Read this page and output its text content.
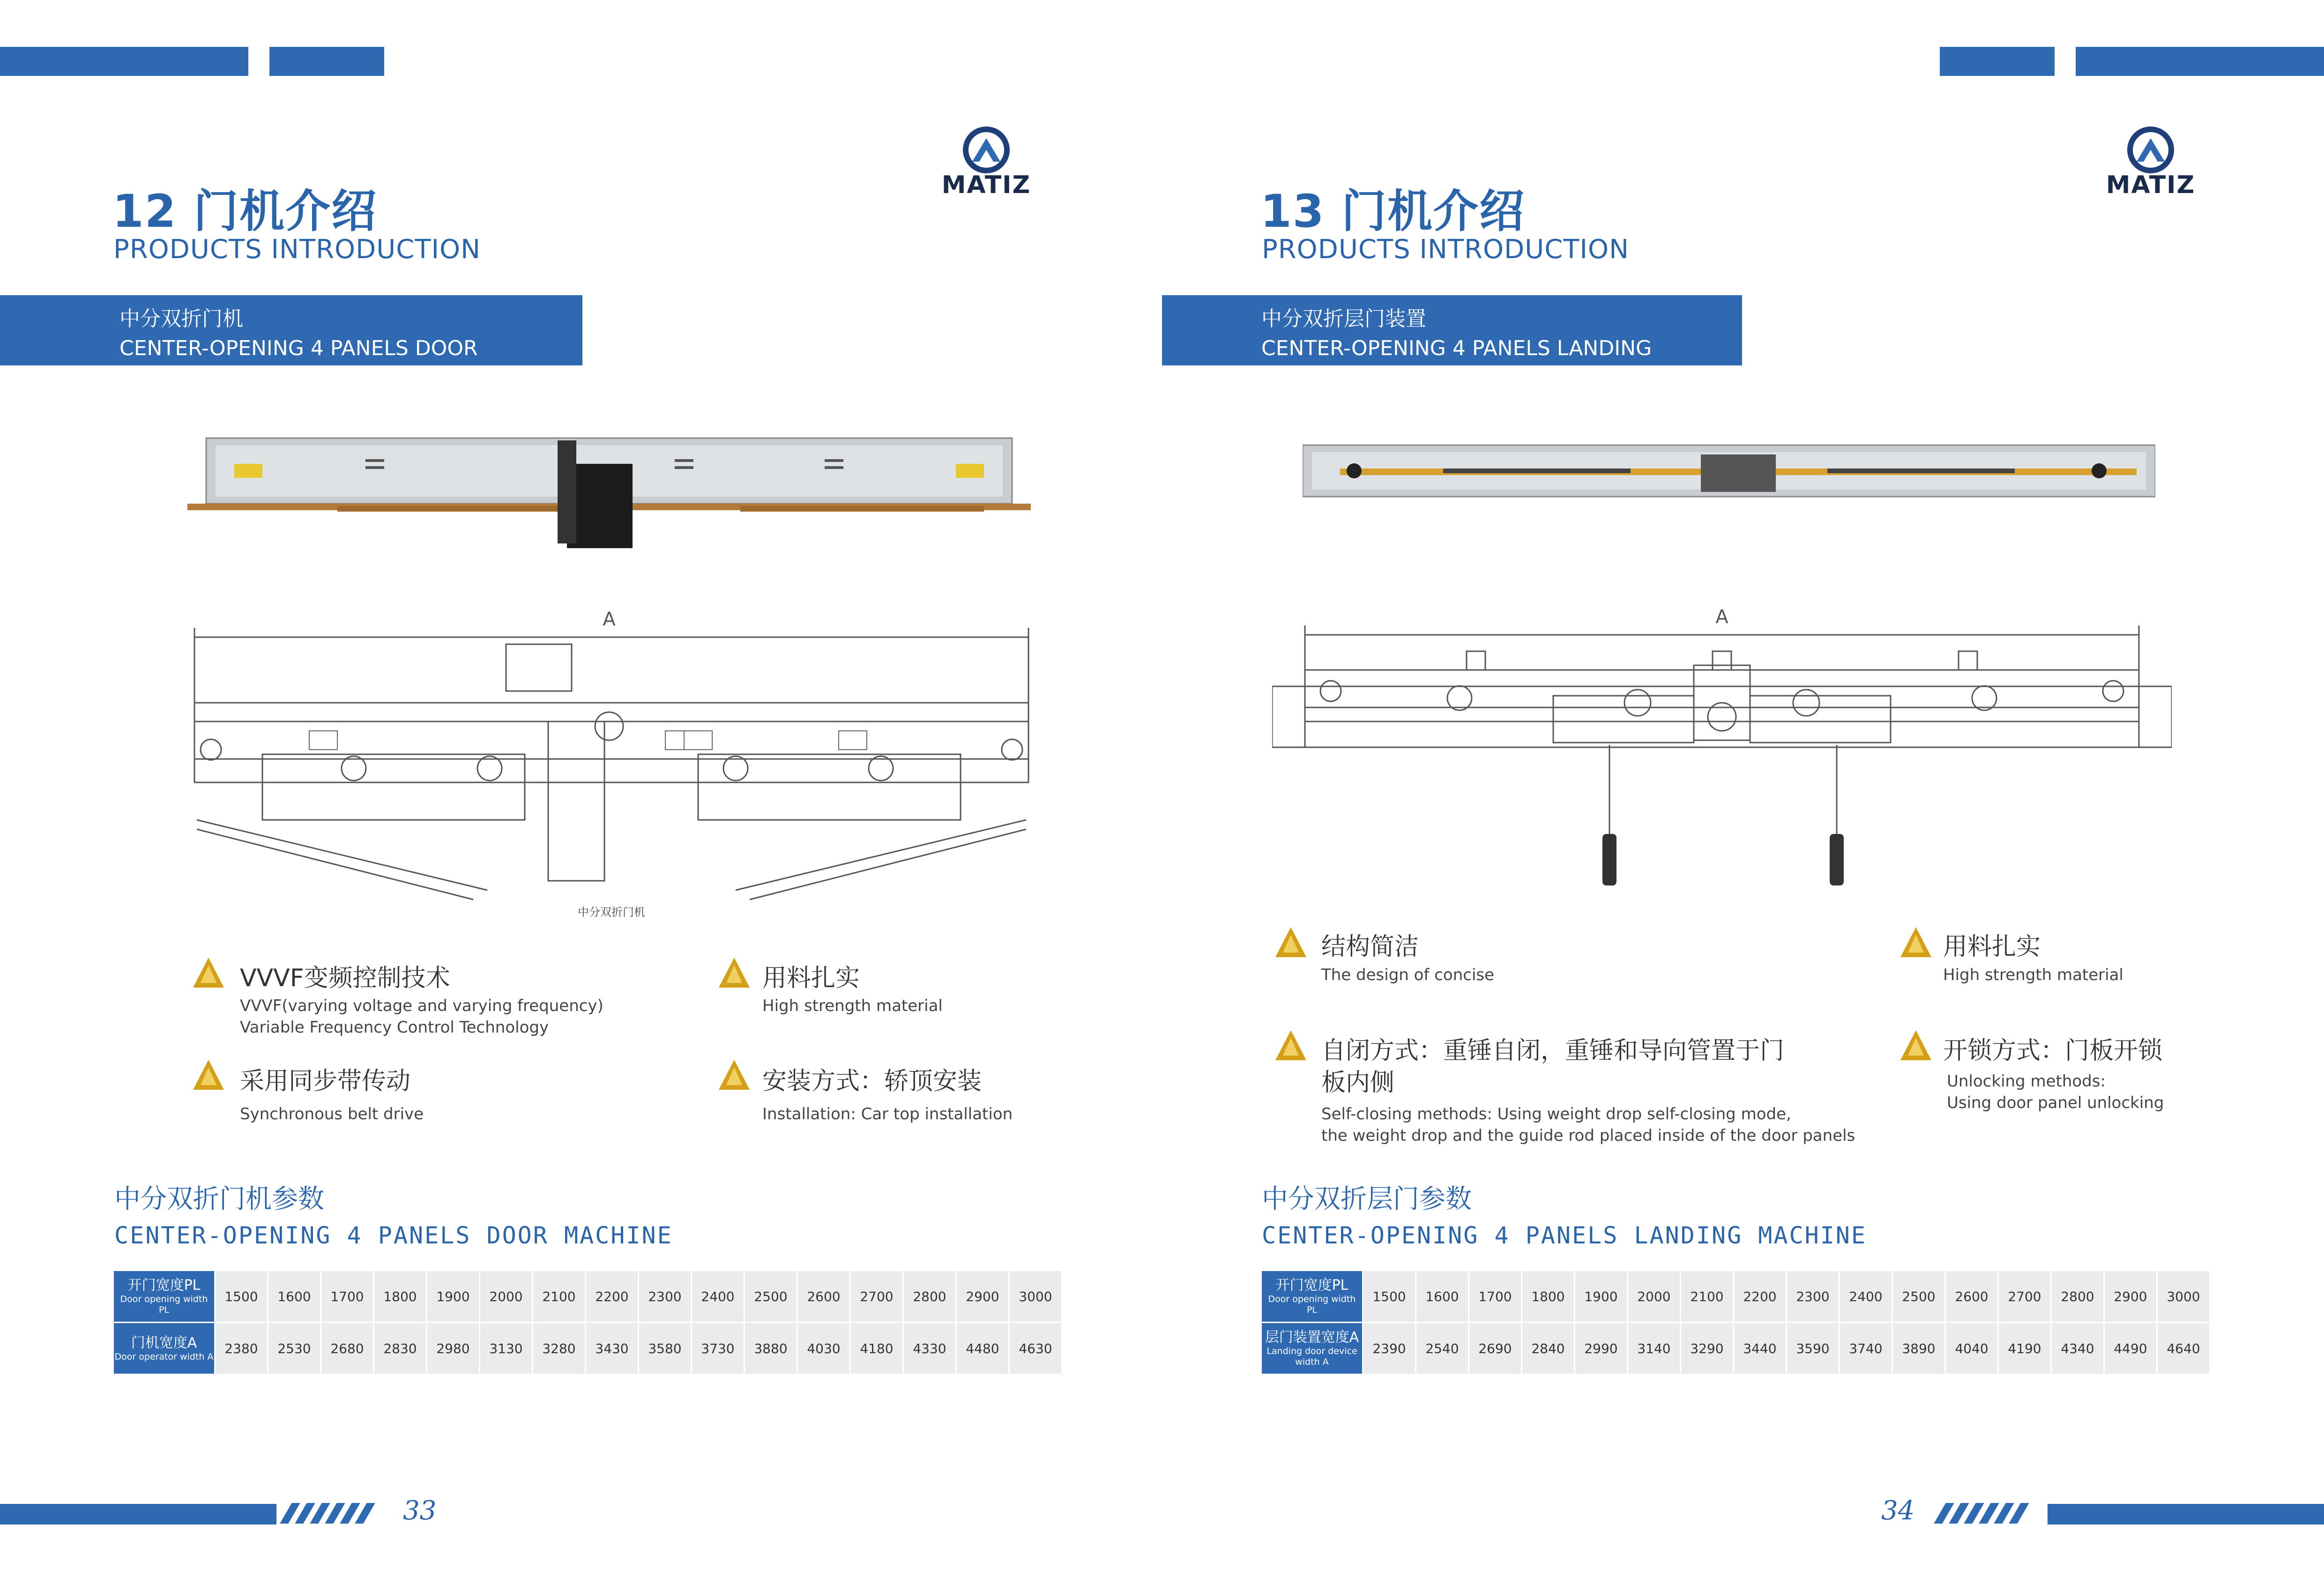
12 门机介绍
PRODUCTS INTRODUCTION
MATIZ
中分双折门机
CENTER-OPENING 4 PANELS DOOR
A
中分双折门机
VVVF变频控制技术
VVVF(varying voltage and varying frequency)
Variable Frequency Control Technology
用料扎实
High strength material
采用同步带传动
Synchronous belt drive
安装方式：轿顶安装
Installation: Car top installation
中分双折门机参数
CENTER-OPENING 4 PANELS DOOR MACHINE
开门宽度PL
Door opening width PL	1500	1600	1700	1800	1900	2000	2100	2200	2300	2400	2500	2600	2700	2800	2900	3000

门机宽度A
Door operator width A	2380	2530	2680	2830	2980	3130	3280	3430	3580	3730	3880	4030	4180	4330	4480	4630
33
13 门机介绍
PRODUCTS INTRODUCTION
MATIZ
中分双折层门装置
CENTER-OPENING 4 PANELS LANDING
A
结构简洁
The design of concise
用料扎实
High strength material
自闭方式：重锤自闭，重锤和导向管置于门
板内侧
Self-closing methods: Using weight drop self-closing mode,
the weight drop and the guide rod placed inside of the door panels
开锁方式：门板开锁
Unlocking methods:
Using door panel unlocking
中分双折层门参数
CENTER-OPENING 4 PANELS LANDING MACHINE
开门宽度PL
Door opening width PL	1500	1600	1700	1800	1900	2000	2100	2200	2300	2400	2500	2600	2700	2800	2900	3000

层门装置宽度A
Landing door device width A	2390	2540	2690	2840	2990	3140	3290	3440	3590	3740	3890	4040	4190	4340	4490	4640
34
